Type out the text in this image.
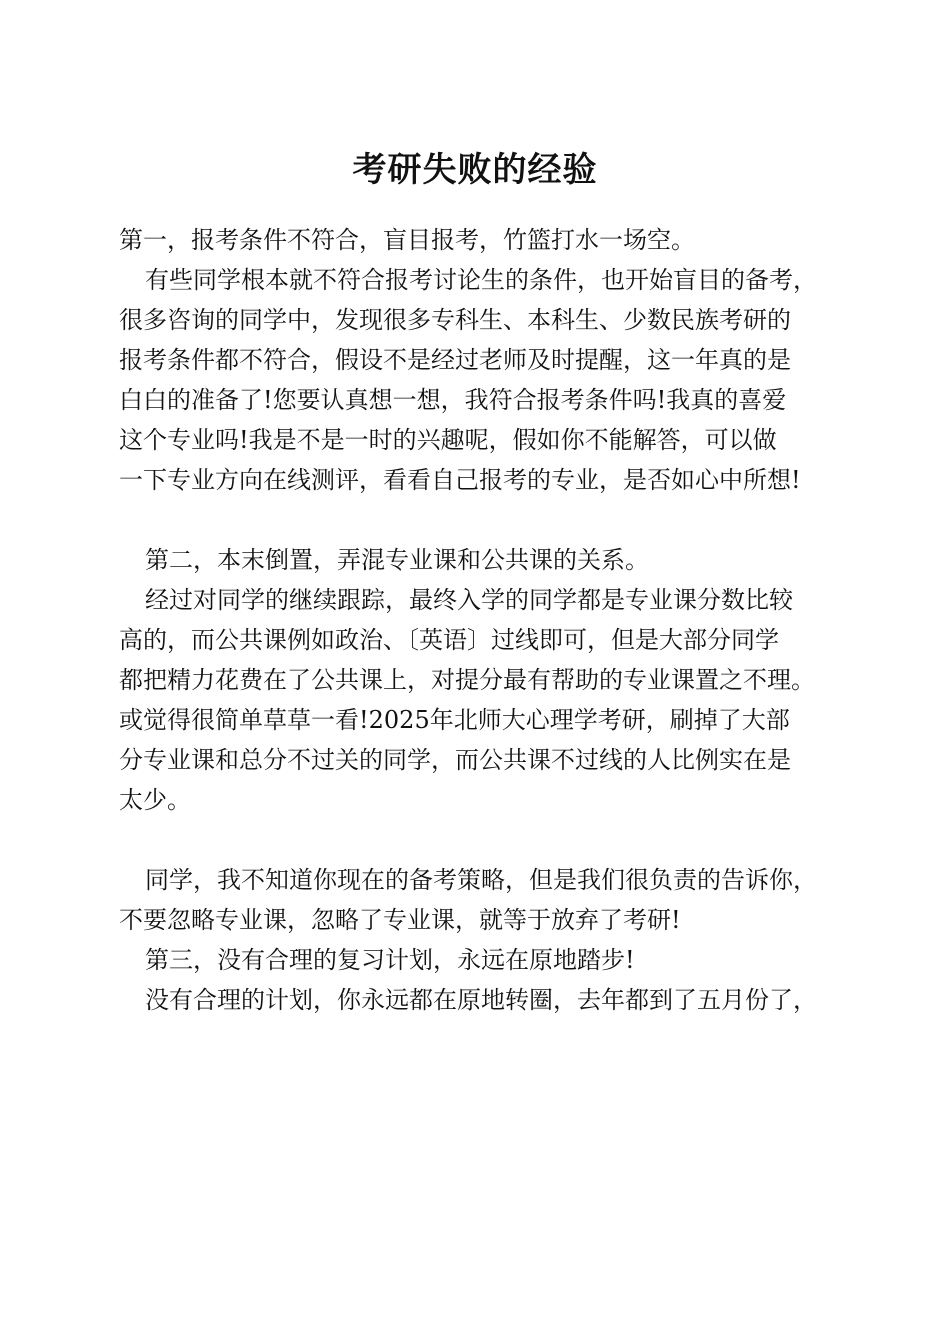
考研失败的经验
第一，报考条件不符合，盲目报考，竹篮打水一场空。
有些同学根本就不符合报考讨论生的条件，也开始盲目的备考，
很多咨询的同学中，发现很多专科生、本科生、少数民族考研的
报考条件都不符合，假设不是经过老师及时提醒，这一年真的是
白白的准备了!您要认真想一想，我符合报考条件吗!我真的喜爱
这个专业吗!我是不是一时的兴趣呢，假如你不能解答，可以做
一下专业方向在线测评，看看自己报考的专业，是否如心中所想!
第二，本末倒置，弄混专业课和公共课的关系。
经过对同学的继续跟踪，最终入学的同学都是专业课分数比较
高的，而公共课例如政治、〔英语〕过线即可，但是大部分同学
都把精力花费在了公共课上，对提分最有帮助的专业课置之不理。
或觉得很简单草草一看!2025年北师大心理学考研，刷掉了大部
分专业课和总分不过关的同学，而公共课不过线的人比例实在是
太少。
同学，我不知道你现在的备考策略，但是我们很负责的告诉你，
不要忽略专业课，忽略了专业课，就等于放弃了考研!
第三，没有合理的复习计划，永远在原地踏步!
没有合理的计划，你永远都在原地转圈，去年都到了五月份了，
